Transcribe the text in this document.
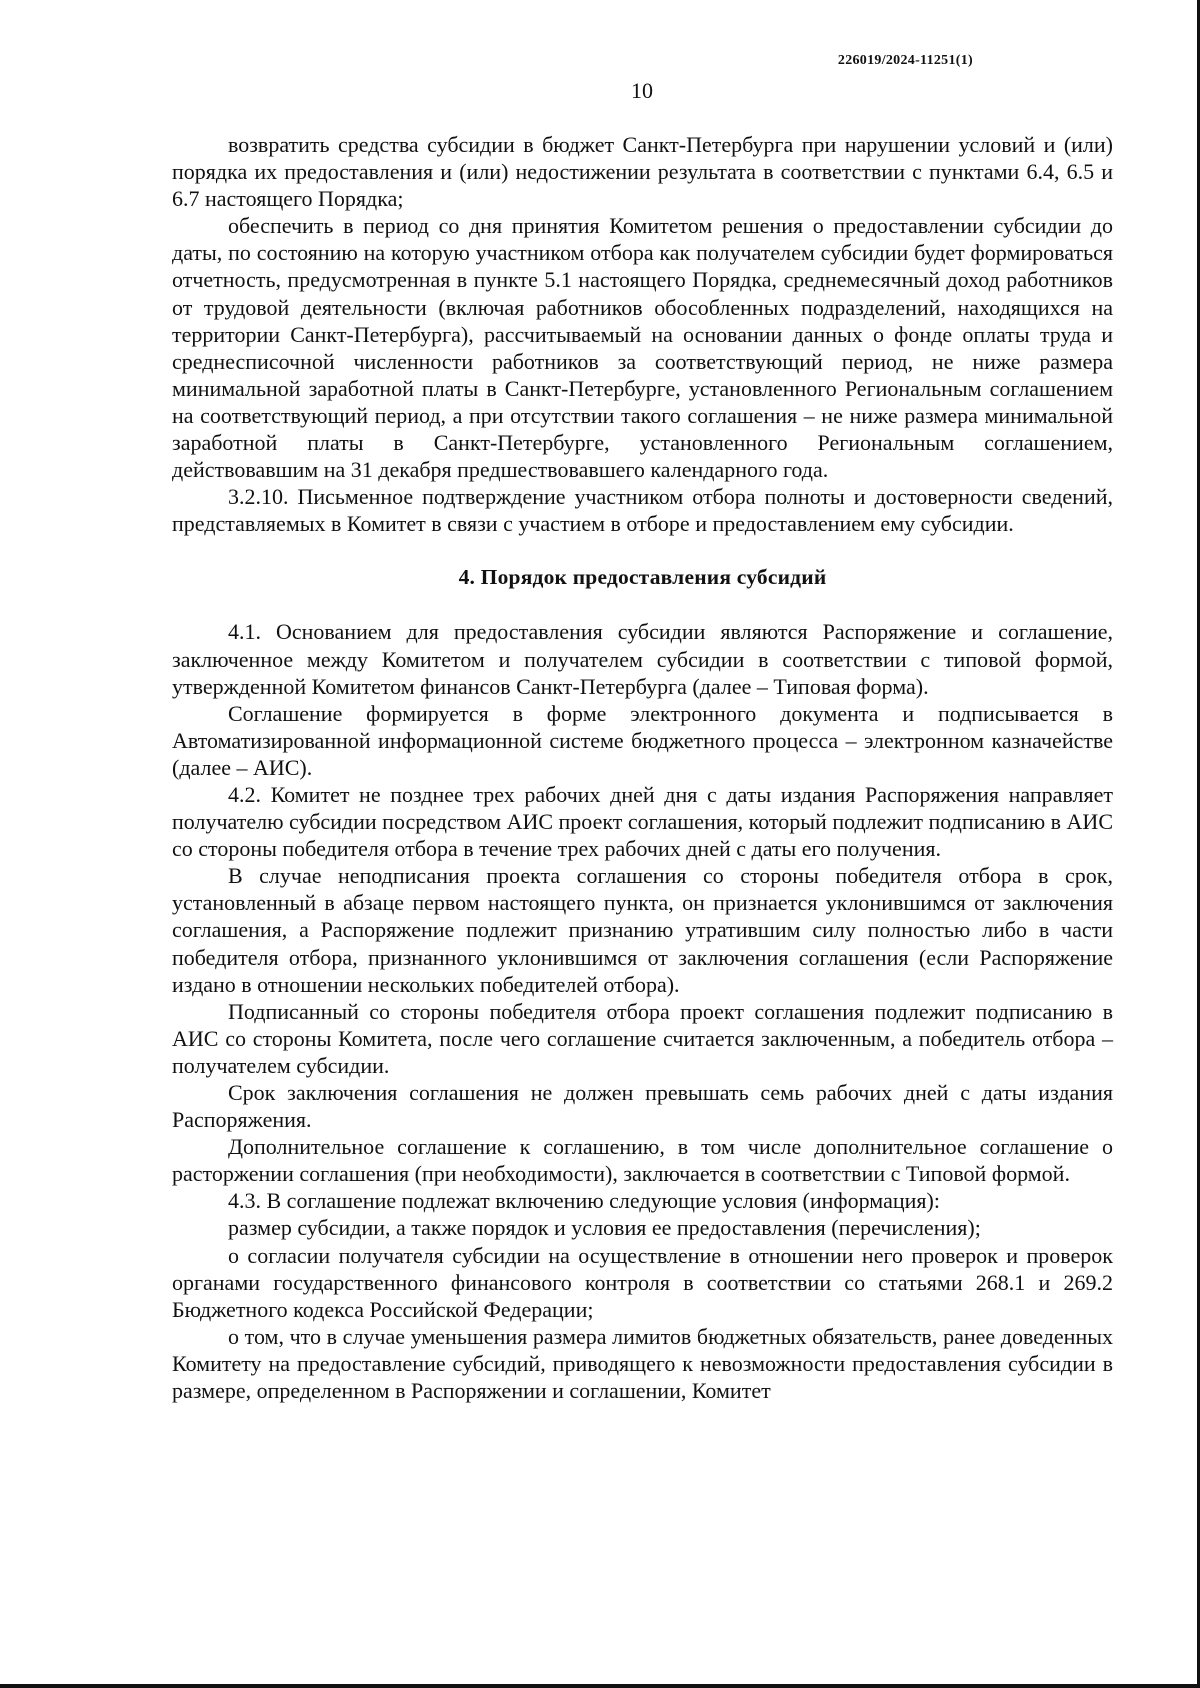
226019/2024-11251(1)
10

возвратить средства субсидии в бюджет Санкт-Петербурга при нарушении условий и (или) порядка их предоставления и (или) недостижении результата в соответствии с пунктами 6.4, 6.5 и 6.7 настоящего Порядка;

обеспечить в период со дня принятия Комитетом решения о предоставлении субсидии до даты, по состоянию на которую участником отбора как получателем субсидии будет формироваться отчетность, предусмотренная в пункте 5.1 настоящего Порядка, среднемесячный доход работников от трудовой деятельности (включая работников обособленных подразделений, находящихся на территории Санкт-Петербурга), рассчитываемый на основании данных о фонде оплаты труда и среднесписочной численности работников за соответствующий период, не ниже размера минимальной заработной платы в Санкт-Петербурге, установленного Региональным соглашением на соответствующий период, а при отсутствии такого соглашения – не ниже размера минимальной заработной платы в Санкт-Петербурге, установленного Региональным соглашением, действовавшим на 31 декабря предшествовавшего календарного года.

3.2.10. Письменное подтверждение участником отбора полноты и достоверности сведений, представляемых в Комитет в связи с участием в отборе и предоставлением ему субсидии.

4. Порядок предоставления субсидий

4.1. Основанием для предоставления субсидии являются Распоряжение и соглашение, заключенное между Комитетом и получателем субсидии в соответствии с типовой формой, утвержденной Комитетом финансов Санкт-Петербурга (далее – Типовая форма).

Соглашение формируется в форме электронного документа и подписывается в Автоматизированной информационной системе бюджетного процесса – электронном казначействе (далее – АИС).

4.2. Комитет не позднее трех рабочих дней дня с даты издания Распоряжения направляет получателю субсидии посредством АИС проект соглашения, который подлежит подписанию в АИС со стороны победителя отбора в течение трех рабочих дней с даты его получения.

В случае неподписания проекта соглашения со стороны победителя отбора в срок, установленный в абзаце первом настоящего пункта, он признается уклонившимся от заключения соглашения, а Распоряжение подлежит признанию утратившим силу полностью либо в части победителя отбора, признанного уклонившимся от заключения соглашения (если Распоряжение издано в отношении нескольких победителей отбора).

Подписанный со стороны победителя отбора проект соглашения подлежит подписанию в АИС со стороны Комитета, после чего соглашение считается заключенным, а победитель отбора – получателем субсидии.

Срок заключения соглашения не должен превышать семь рабочих дней с даты издания Распоряжения.

Дополнительное соглашение к соглашению, в том числе дополнительное соглашение о расторжении соглашения (при необходимости), заключается в соответствии с Типовой формой.

4.3. В соглашение подлежат включению следующие условия (информация):

размер субсидии, а также порядок и условия ее предоставления (перечисления);

о согласии получателя субсидии на осуществление в отношении него проверок и проверок органами государственного финансового контроля в соответствии со статьями 268.1 и 269.2 Бюджетного кодекса Российской Федерации;

о том, что в случае уменьшения размера лимитов бюджетных обязательств, ранее доведенных Комитету на предоставление субсидий, приводящего к невозможности предоставления субсидии в размере, определенном в Распоряжении и соглашении, Комитет
